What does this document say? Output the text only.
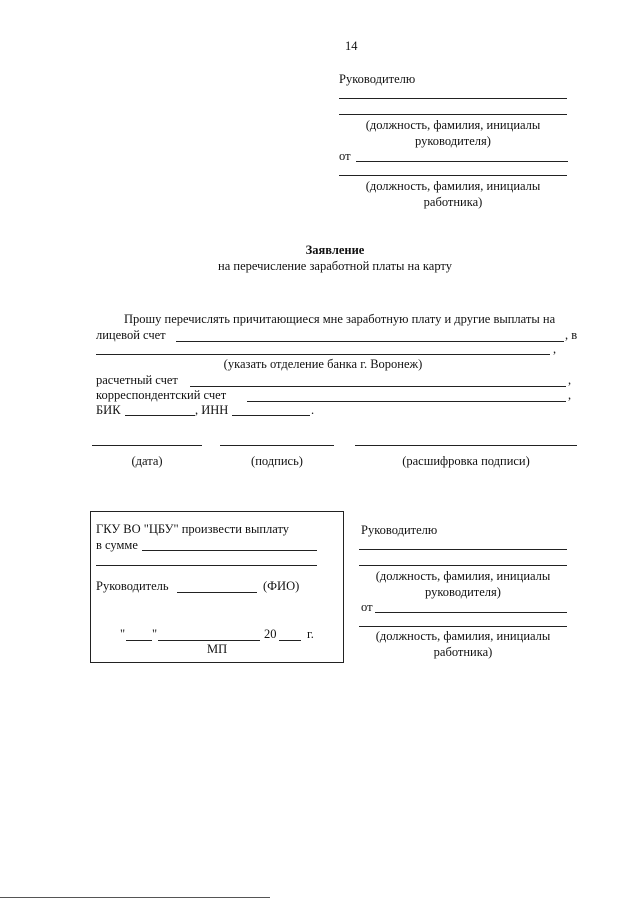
14
Руководителю
(должность, фамилия, инициалы
руководителя)
от
(должность, фамилия, инициалы
работника)
Заявление
на перечисление заработной платы на карту
Прошу перечислять причитающиеся мне заработную плату и другие выплаты на
лицевой счет	, в
,
(указать отделение банка г. Воронеж)
расчетный счет	,
корреспондентский счет	,
БИК	, ИНН	.
(дата)	(подпись)	(расшифровка подписи)
ГКУ ВО "ЦБУ" произвести выплату
в сумме
Руководитель	(ФИО)
" "	20 г.
МП
Руководителю
(должность, фамилия, инициалы
руководителя)
от
(должность, фамилия, инициалы
работника)
